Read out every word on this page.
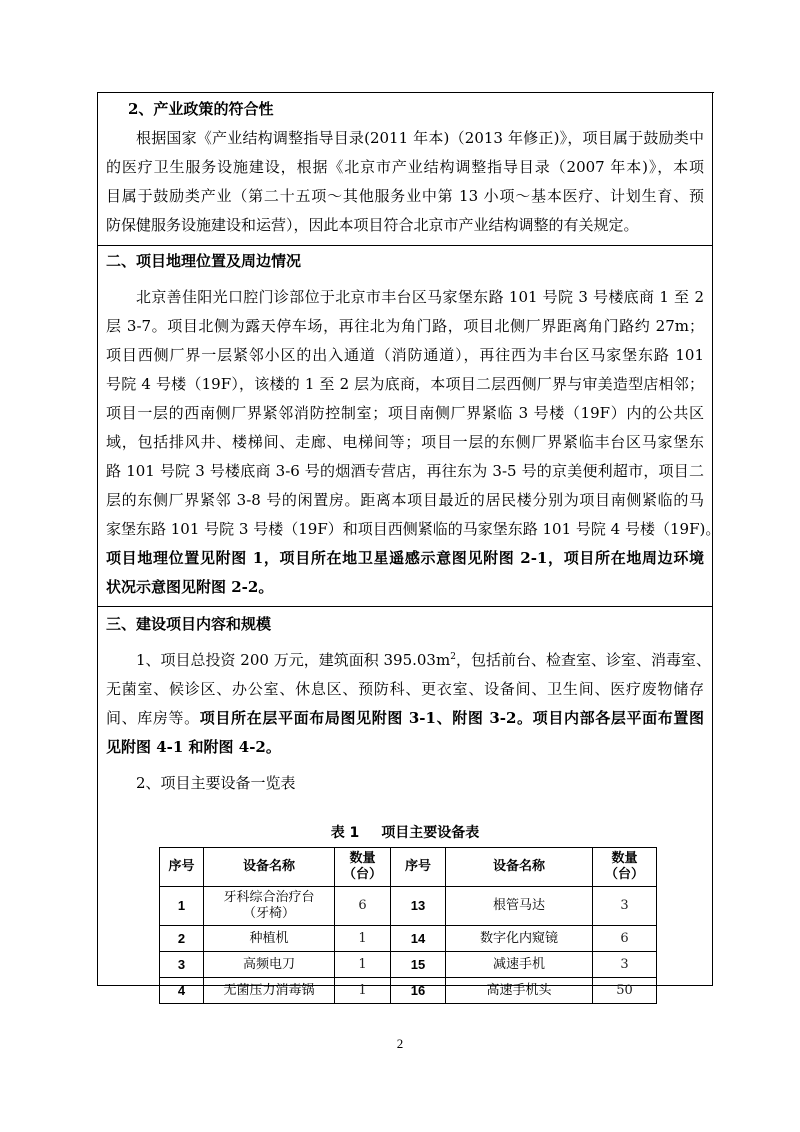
2、产业政策的符合性
根据国家《产业结构调整指导目录(2011 年本)（2013 年修正)》，项目属于鼓励类中
的医疗卫生服务设施建设，根据《北京市产业结构调整指导目录（2007 年本)》，本项
目属于鼓励类产业（第二十五项～其他服务业中第 13 小项～基本医疗、计划生育、预
防保健服务设施建设和运营），因此本项目符合北京市产业结构调整的有关规定。
二、项目地理位置及周边情况
北京善佳阳光口腔门诊部位于北京市丰台区马家堡东路 101 号院 3 号楼底商 1 至 2
层 3-7。项目北侧为露天停车场，再往北为角门路，项目北侧厂界距离角门路约 27m；
项目西侧厂界一层紧邻小区的出入通道（消防通道），再往西为丰台区马家堡东路 101
号院 4 号楼（19F），该楼的 1 至 2 层为底商，本项目二层西侧厂界与审美造型店相邻；
项目一层的西南侧厂界紧邻消防控制室；项目南侧厂界紧临 3 号楼（19F）内的公共区
域，包括排风井、楼梯间、走廊、电梯间等；项目一层的东侧厂界紧临丰台区马家堡东
路 101 号院 3 号楼底商 3-6 号的烟酒专营店，再往东为 3-5 号的京美便利超市，项目二
层的东侧厂界紧邻 3-8 号的闲置房。距离本项目最近的居民楼分别为项目南侧紧临的马
家堡东路 101 号院 3 号楼（19F）和项目西侧紧临的马家堡东路 101 号院 4 号楼（19F)。
项目地理位置见附图 1，项目所在地卫星遥感示意图见附图 2-1，项目所在地周边环境
状况示意图见附图 2-2。
三、建设项目内容和规模
1、项目总投资 200 万元，建筑面积 $395.03m^2$，包括前台、检查室、诊室、消毒室、
无菌室、候诊区、办公室、休息区、预防科、更衣室、设备间、卫生间、医疗废物储存
间、库房等。项目所在层平面布局图见附图 3-1、附图 3-2。项目内部各层平面布置图
见附图 4-1 和附图 4-2。
2、项目主要设备一览表
表 1 项目主要设备表
序号	设备名称	数量
（台）	序号	设备名称	数量
（台）
1	牙科综合治疗台
（牙椅）	6	13	根管马达	3
2	种植机	1	14	数字化内窥镜	6
3	高频电刀	1	15	减速手机	3
4	无菌压力消毒锅	1	16	高速手机头	50
2
